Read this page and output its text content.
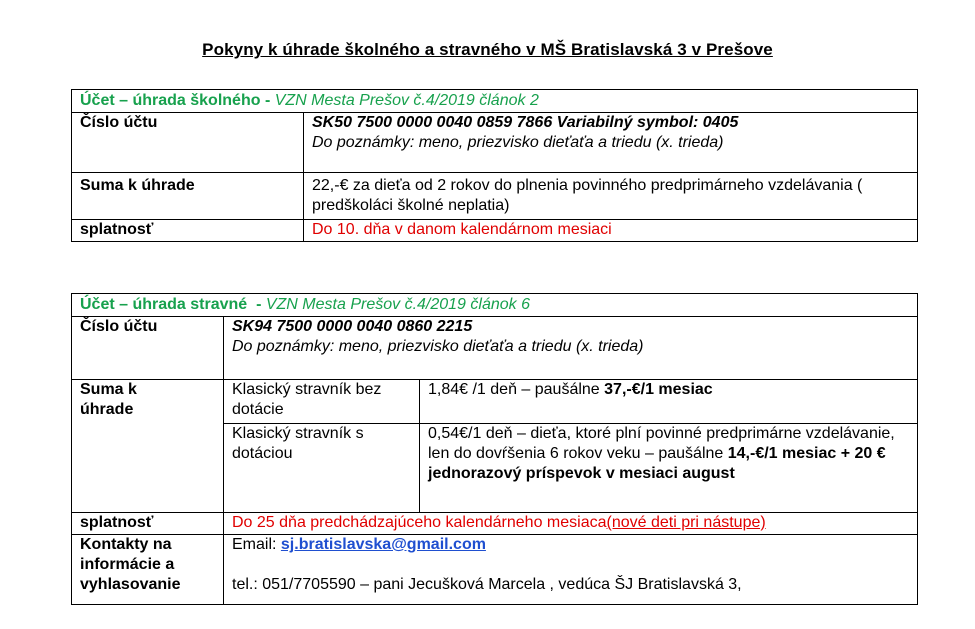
Pokyny k úhrade školného a stravného v MŠ Bratislavská 3 v Prešove
Účet – úhrada školného - VZN Mesta Prešov č.4/2019 článok 2	
Číslo účtu	SK50 7500 0000 0040 0859 7866 Variabilný symbol: 0405
Do poznámky: meno, priezvisko dieťaťa a triedu (x. trieda)

Suma k úhrade	22,-€ za dieťa od 2 rokov do plnenia povinného predprimárneho vzdelávania ( predškoláci školné neplatia)
splatnosť	Do 10. dňa v danom kalendárnom mesiaci
Účet – úhrada stravné  - VZN Mesta Prešov č.4/2019 článok 6		
Číslo účtu	SK94 7500 0000 0040 0860 2215
Do poznámky: meno, priezvisko dieťaťa a triedu (x. trieda)	

Suma k úhrade	Klasický stravník bez dotácie	1,84€ /1 deň – paušálne 37,-€/1 mesiac
	Klasický stravník s dotáciou	0,54€/1 deň – dieťa, ktoré plní povinné predprimárne vzdelávanie, len do dovŕšenia 6 rokov veku – paušálne 14,-€/1 mesiac + 20 € jednorazový príspevok v mesiaci august
splatnosť	Do 25 dňa predchádzajúceho kalendárneho mesiaca(nové deti pri nástupe)	
Kontakty na informácie a vyhlasovanie	Email: sj.bratislavska@gmail.com
tel.: 051/7705590 – pani Jecušková Marcela , vedúca ŠJ Bratislavská 3,	
